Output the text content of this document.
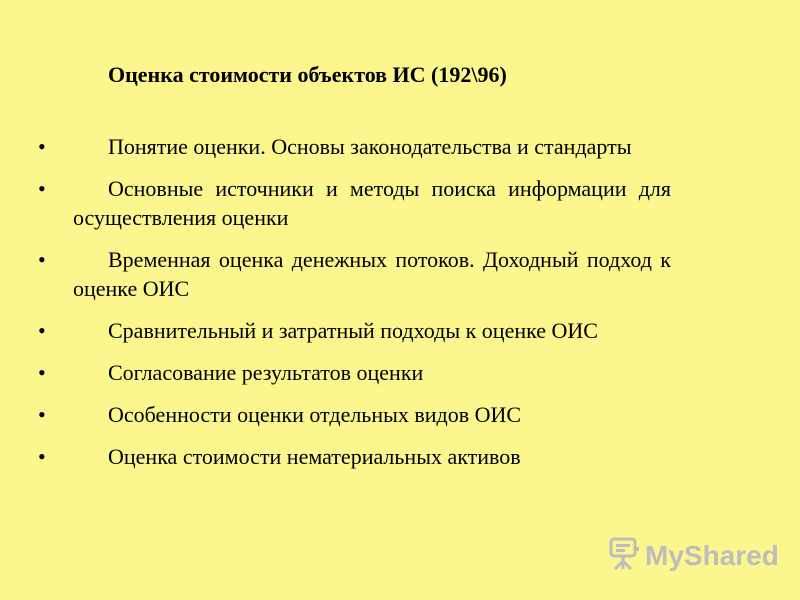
Оценка стоимости объектов ИС (192\96)
•	Понятие оценки. Основы законодательства и стандарты
•	Основные источники и методы поиска информации для осуществления оценки
•	Временная оценка денежных потоков. Доходный подход к оценке ОИС
•	Сравнительный и затратный подходы к оценке ОИС
•	Согласование результатов оценки
•	Особенности оценки отдельных видов ОИС
•	Оценка стоимости нематериальных активов
MyShared
